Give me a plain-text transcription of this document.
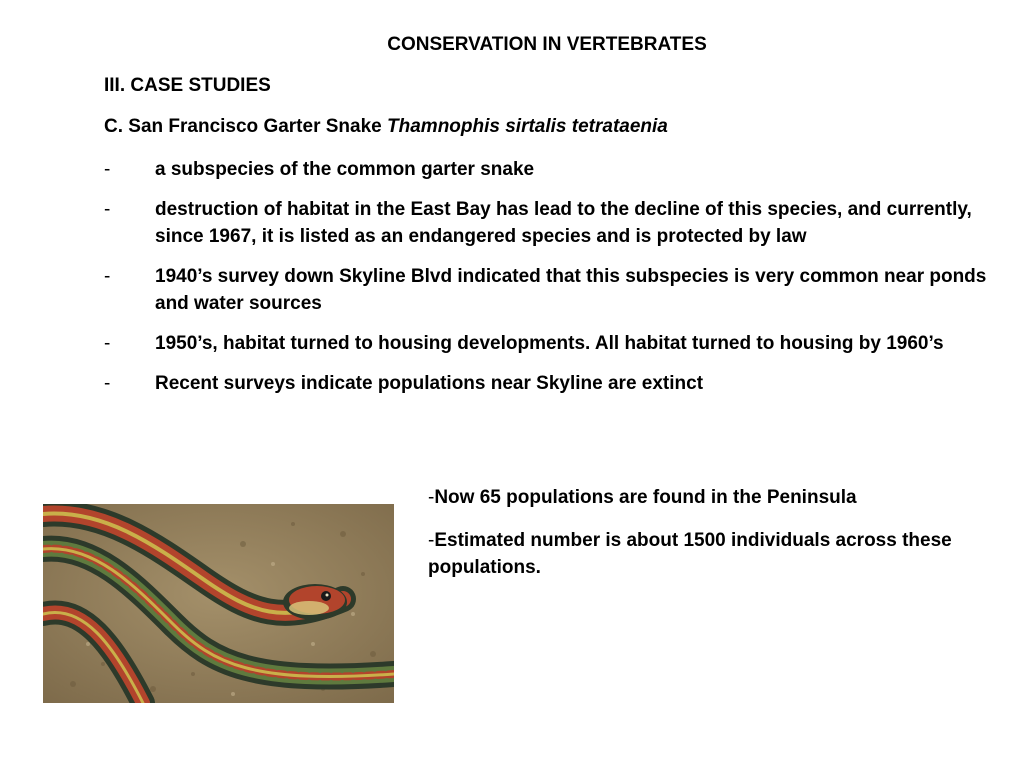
CONSERVATION IN VERTEBRATES
III. CASE STUDIES
C. San Francisco Garter Snake Thamnophis sirtalis tetrataenia
- a subspecies of the common garter snake
- destruction of habitat in the East Bay has lead to the decline of this species, and currently, since 1967, it is listed as an endangered species and is protected by law
- 1940’s survey down Skyline Blvd indicated that this subspecies is very common near ponds and water sources
- 1950’s, habitat turned to housing developments. All habitat turned to housing by 1960’s
- Recent surveys indicate populations near Skyline are extinct
-Now 65 populations are found in the Peninsula
-Estimated number is about 1500 individuals across these populations.
